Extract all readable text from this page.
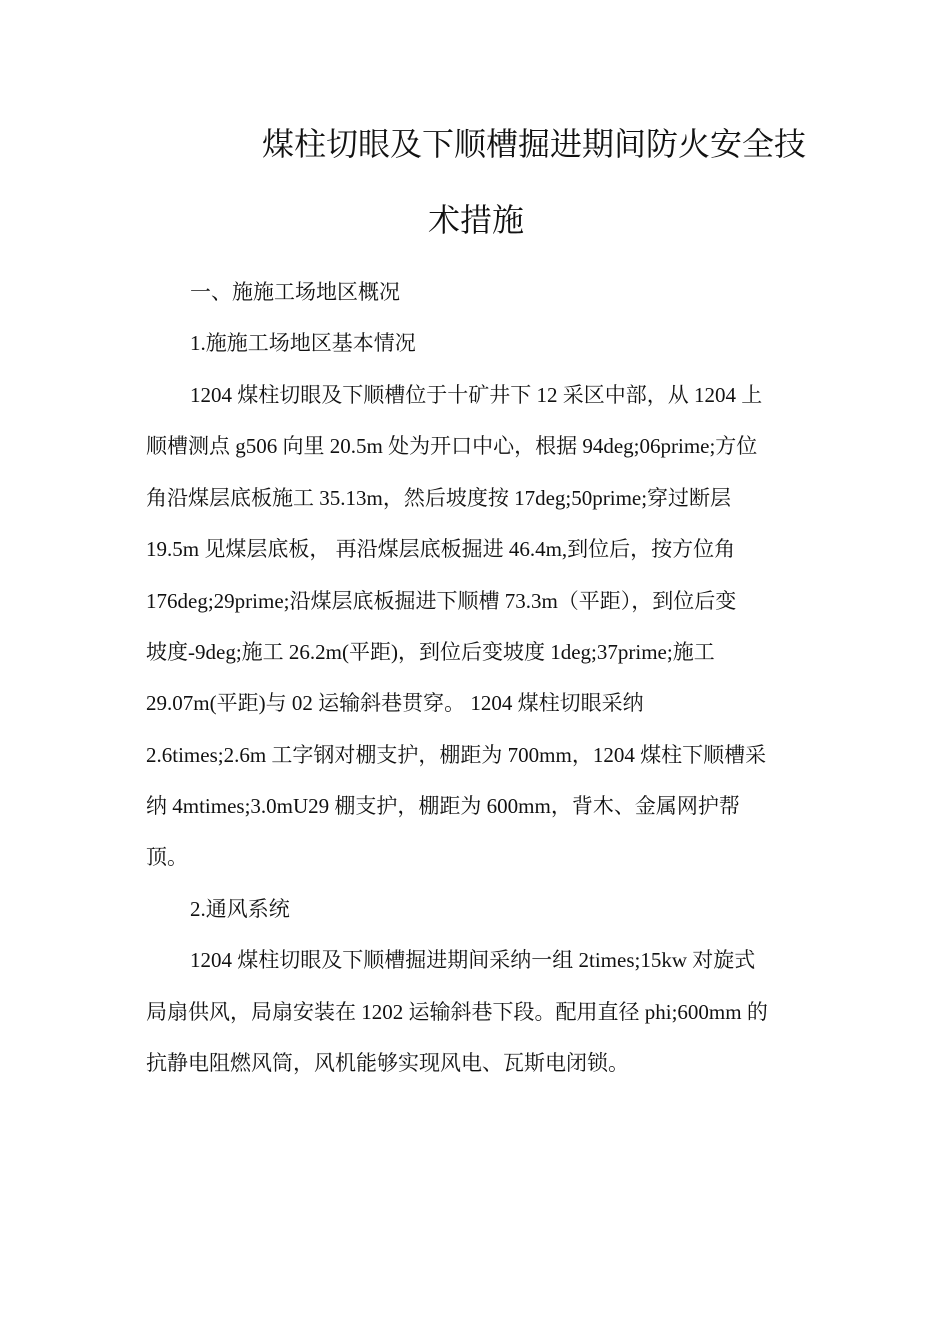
煤柱切眼及下顺槽掘进期间防火安全技
术措施

一、施施工场地区概况

1.施施工场地区基本情况

1204 煤柱切眼及下顺槽位于十矿井下 12 采区中部，从 1204 上

顺槽测点 g506 向里 20.5m 处为开口中心，根据 94deg;06prime;方位

角沿煤层底板施工 35.13m，然后坡度按 17deg;50prime;穿过断层

19.5m 见煤层底板， 再沿煤层底板掘进 46.4m,到位后，按方位角

176deg;29prime;沿煤层底板掘进下顺槽 73.3m（平距），到位后变

坡度-9deg;施工 26.2m(平距)，到位后变坡度 1deg;37prime;施工

29.07m(平距)与 02 运输斜巷贯穿。 1204 煤柱切眼采纳

2.6times;2.6m 工字钢对棚支护，棚距为 700mm，1204 煤柱下顺槽采

纳 4mtimes;3.0mU29 棚支护，棚距为 600mm，背木、金属网护帮

顶。

2.通风系统

1204 煤柱切眼及下顺槽掘进期间采纳一组 2times;15kw 对旋式

局扇供风，局扇安装在 1202 运输斜巷下段。配用直径 phi;600mm 的

抗静电阻燃风筒，风机能够实现风电、瓦斯电闭锁。
